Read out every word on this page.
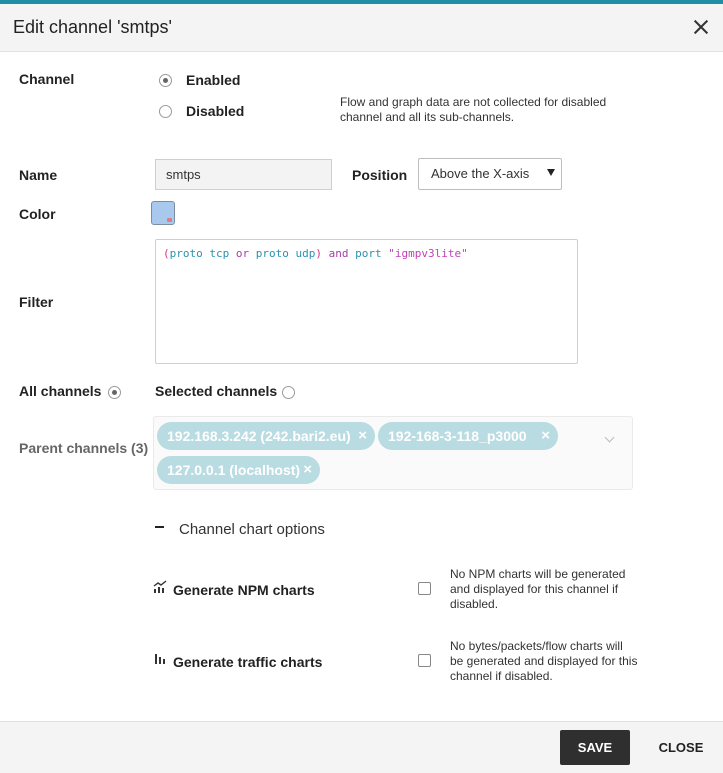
Edit channel 'smtps'
Channel	Enabled
Disabled
Flow and graph data are not collected for disabled
channel and all its sub-channels.
Name	smtps	Position	Above the X-axis
Color
Filter
(proto tcp or proto udp) and port "igmpv3lite"
All channels	Selected channels
Parent channels (3)
192.168.3.242 (242.bari2.eu) ×	192-168-3-118_p3000 ×
127.0.0.1 (localhost) ×
Channel chart options
Generate NPM charts
No NPM charts will be generated
and displayed for this channel if
disabled.
Generate traffic charts
No bytes/packets/flow charts will
be generated and displayed for this
channel if disabled.
SAVE	CLOSE
